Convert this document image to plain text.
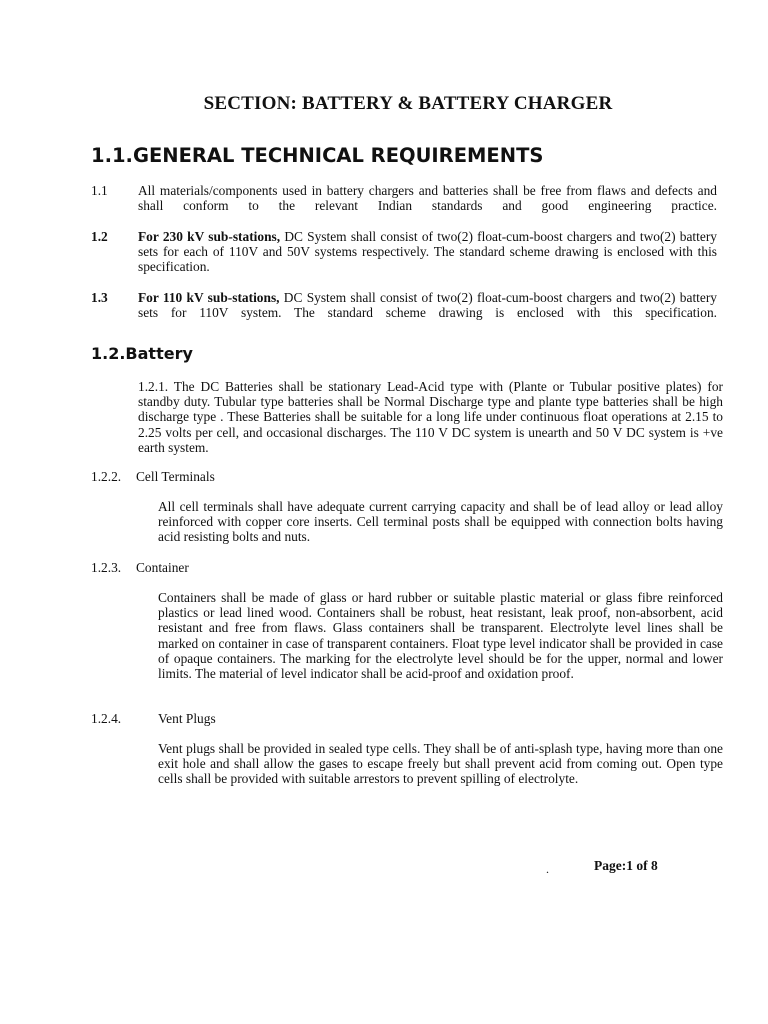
SECTION: BATTERY & BATTERY CHARGER
1.1.GENERAL TECHNICAL REQUIREMENTS
1.1 All materials/components used in battery chargers and batteries shall be free from flaws and defects and shall conform to the relevant Indian standards and good engineering practice.
1.2 For 230 kV sub-stations, DC System shall consist of two(2) float-cum-boost chargers and two(2) battery sets for each of 110V and 50V systems respectively. The standard scheme drawing is enclosed with this specification.
1.3 For 110 kV sub-stations, DC System shall consist of two(2) float-cum-boost chargers and two(2) battery sets for 110V system. The standard scheme drawing is enclosed with this specification.
1.2.Battery
1.2.1. The DC Batteries shall be stationary Lead-Acid type with (Plante or Tubular positive plates) for standby duty. Tubular type batteries shall be Normal Discharge type and plante type batteries shall be high discharge type . These Batteries shall be suitable for a long life under continuous float operations at 2.15 to 2.25 volts per cell, and occasional discharges. The 110 V DC system is unearth and 50 V DC system is +ve earth system.
1.2.2. Cell Terminals
All cell terminals shall have adequate current carrying capacity and shall be of lead alloy or lead alloy reinforced with copper core inserts. Cell terminal posts shall be equipped with connection bolts having acid resisting bolts and nuts.
1.2.3. Container
Containers shall be made of glass or hard rubber or suitable plastic material or glass fibre reinforced plastics or lead lined wood. Containers shall be robust, heat resistant, leak proof, non-absorbent, acid resistant and free from flaws. Glass containers shall be transparent. Electrolyte level lines shall be marked on container in case of transparent containers. Float type level indicator shall be provided in case of opaque containers. The marking for the electrolyte level should be for the upper, normal and lower limits. The material of level indicator shall be acid-proof and oxidation proof.
1.2.4.	Vent Plugs
Vent plugs shall be provided in sealed type cells. They shall be of anti-splash type, having more than one exit hole and shall allow the gases to escape freely but shall prevent acid from coming out. Open type cells shall be provided with suitable arrestors to prevent spilling of electrolyte.
.	Page:1 of 8
